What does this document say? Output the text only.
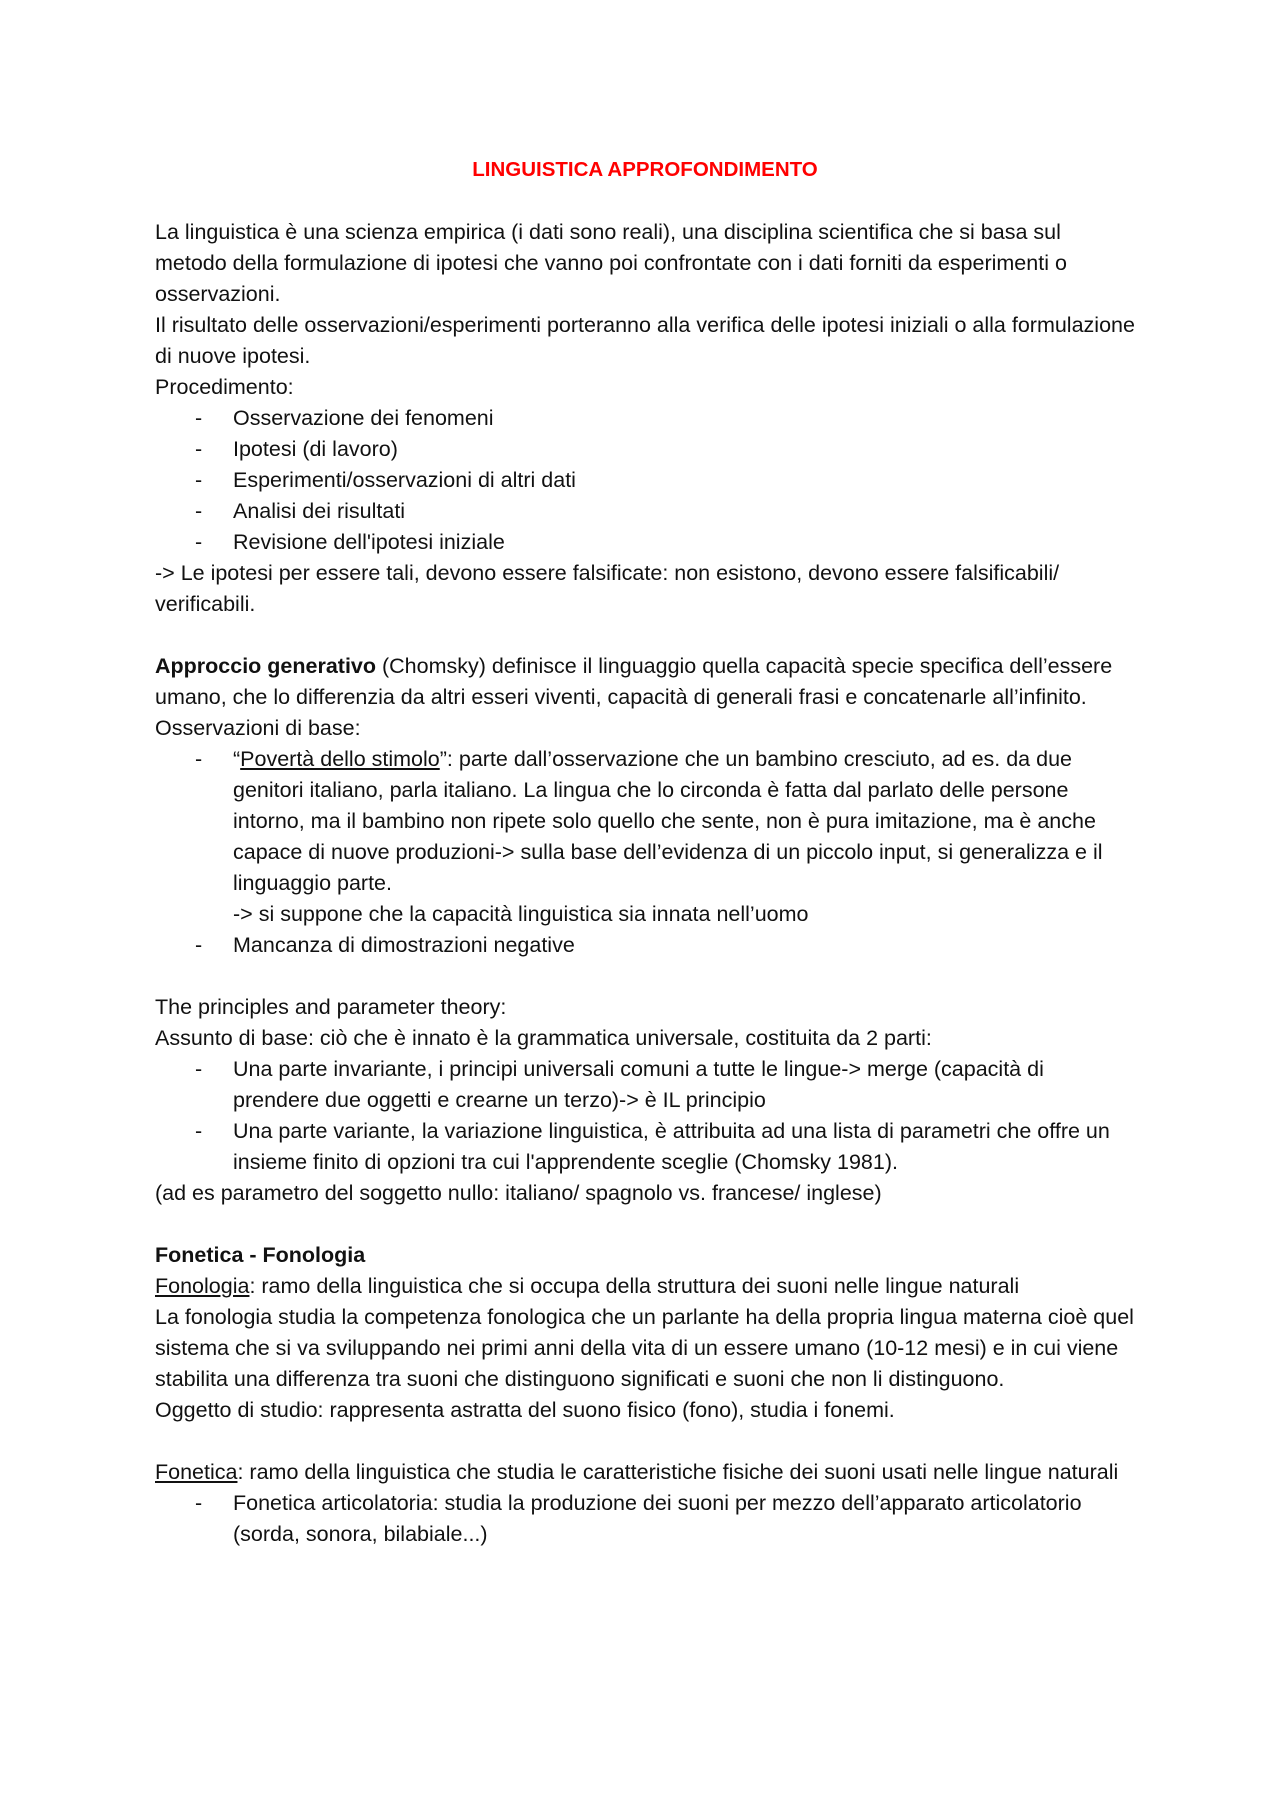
LINGUISTICA APPROFONDIMENTO

La linguistica è una scienza empirica (i dati sono reali), una disciplina scientifica che si basa sul metodo della formulazione di ipotesi che vanno poi confrontate con i dati forniti da esperimenti o osservazioni.

Il risultato delle osservazioni/esperimenti porteranno alla verifica delle ipotesi iniziali o alla formulazione di nuove ipotesi.

Procedimento:

- Osservazione dei fenomeni
- Ipotesi (di lavoro)
- Esperimenti/osservazioni di altri dati
- Analisi dei risultati
- Revisione dell'ipotesi iniziale

-> Le ipotesi per essere tali, devono essere falsificate: non esistono, devono essere falsificabili/ verificabili.

Approccio generativo (Chomsky) definisce il linguaggio quella capacità specie specifica dell’essere umano, che lo differenzia da altri esseri viventi, capacità di generali frasi e concatenarle all’infinito.

Osservazioni di base:

- “Povertà dello stimolo”: parte dall’osservazione che un bambino cresciuto, ad es. da due genitori italiano, parla italiano. La lingua che lo circonda è fatta dal parlato delle persone intorno, ma il bambino non ripete solo quello che sente, non è pura imitazione, ma è anche capace di nuove produzioni-> sulla base dell’evidenza di un piccolo input, si generalizza e il linguaggio parte.
-> si suppone che la capacità linguistica sia innata nell’uomo
- Mancanza di dimostrazioni negative

The principles and parameter theory:

Assunto di base: ciò che è innato è la grammatica universale, costituita da 2 parti:

- Una parte invariante, i principi universali comuni a tutte le lingue-> merge (capacità di prendere due oggetti e crearne un terzo)-> è IL principio
- Una parte variante, la variazione linguistica, è attribuita ad una lista di parametri che offre un insieme finito di opzioni tra cui l'apprendente sceglie (Chomsky 1981).

(ad es parametro del soggetto nullo: italiano/ spagnolo vs. francese/ inglese)

Fonetica - Fonologia

Fonologia: ramo della linguistica che si occupa della struttura dei suoni nelle lingue naturali

La fonologia studia la competenza fonologica che un parlante ha della propria lingua materna cioè quel sistema che si va sviluppando nei primi anni della vita di un essere umano (10-12 mesi) e in cui viene stabilita una differenza tra suoni che distinguono significati e suoni che non li distinguono.

Oggetto di studio: rappresenta astratta del suono fisico (fono), studia i fonemi.

Fonetica: ramo della linguistica che studia le caratteristiche fisiche dei suoni usati nelle lingue naturali

- Fonetica articolatoria: studia la produzione dei suoni per mezzo dell’apparato articolatorio (sorda, sonora, bilabiale...)
